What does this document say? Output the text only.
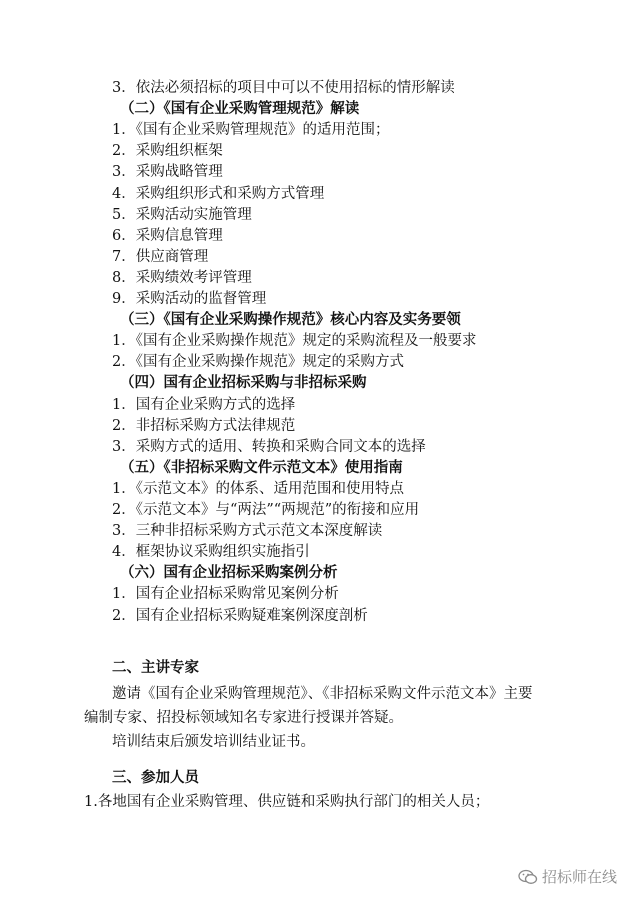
3．依法必须招标的项目中可以不使用招标的情形解读
（二）《国有企业采购管理规范》解读
1．《国有企业采购管理规范》的适用范围；
2．采购组织框架
3．采购战略管理
4．采购组织形式和采购方式管理
5．采购活动实施管理
6．采购信息管理
7．供应商管理
8．采购绩效考评管理
9．采购活动的监督管理
（三）《国有企业采购操作规范》核心内容及实务要领
1．《国有企业采购操作规范》规定的采购流程及一般要求
2．《国有企业采购操作规范》规定的采购方式
（四）国有企业招标采购与非招标采购
1．国有企业采购方式的选择
2．非招标采购方式法律规范
3．采购方式的适用、转换和采购合同文本的选择
（五）《非招标采购文件示范文本》使用指南
1．《示范文本》的体系、适用范围和使用特点
2．《示范文本》与“两法”“两规范”的衔接和应用
3．三种非招标采购方式示范文本深度解读
4．框架协议采购组织实施指引
（六）国有企业招标采购案例分析
1．国有企业招标采购常见案例分析
2．国有企业招标采购疑难案例深度剖析
二、主讲专家
邀请《国有企业采购管理规范》、《非招标采购文件示范文本》主要
编制专家、招投标领域知名专家进行授课并答疑。
培训结束后颁发培训结业证书。
三、参加人员
1.各地国有企业采购管理、供应链和采购执行部门的相关人员；
招标师在线
